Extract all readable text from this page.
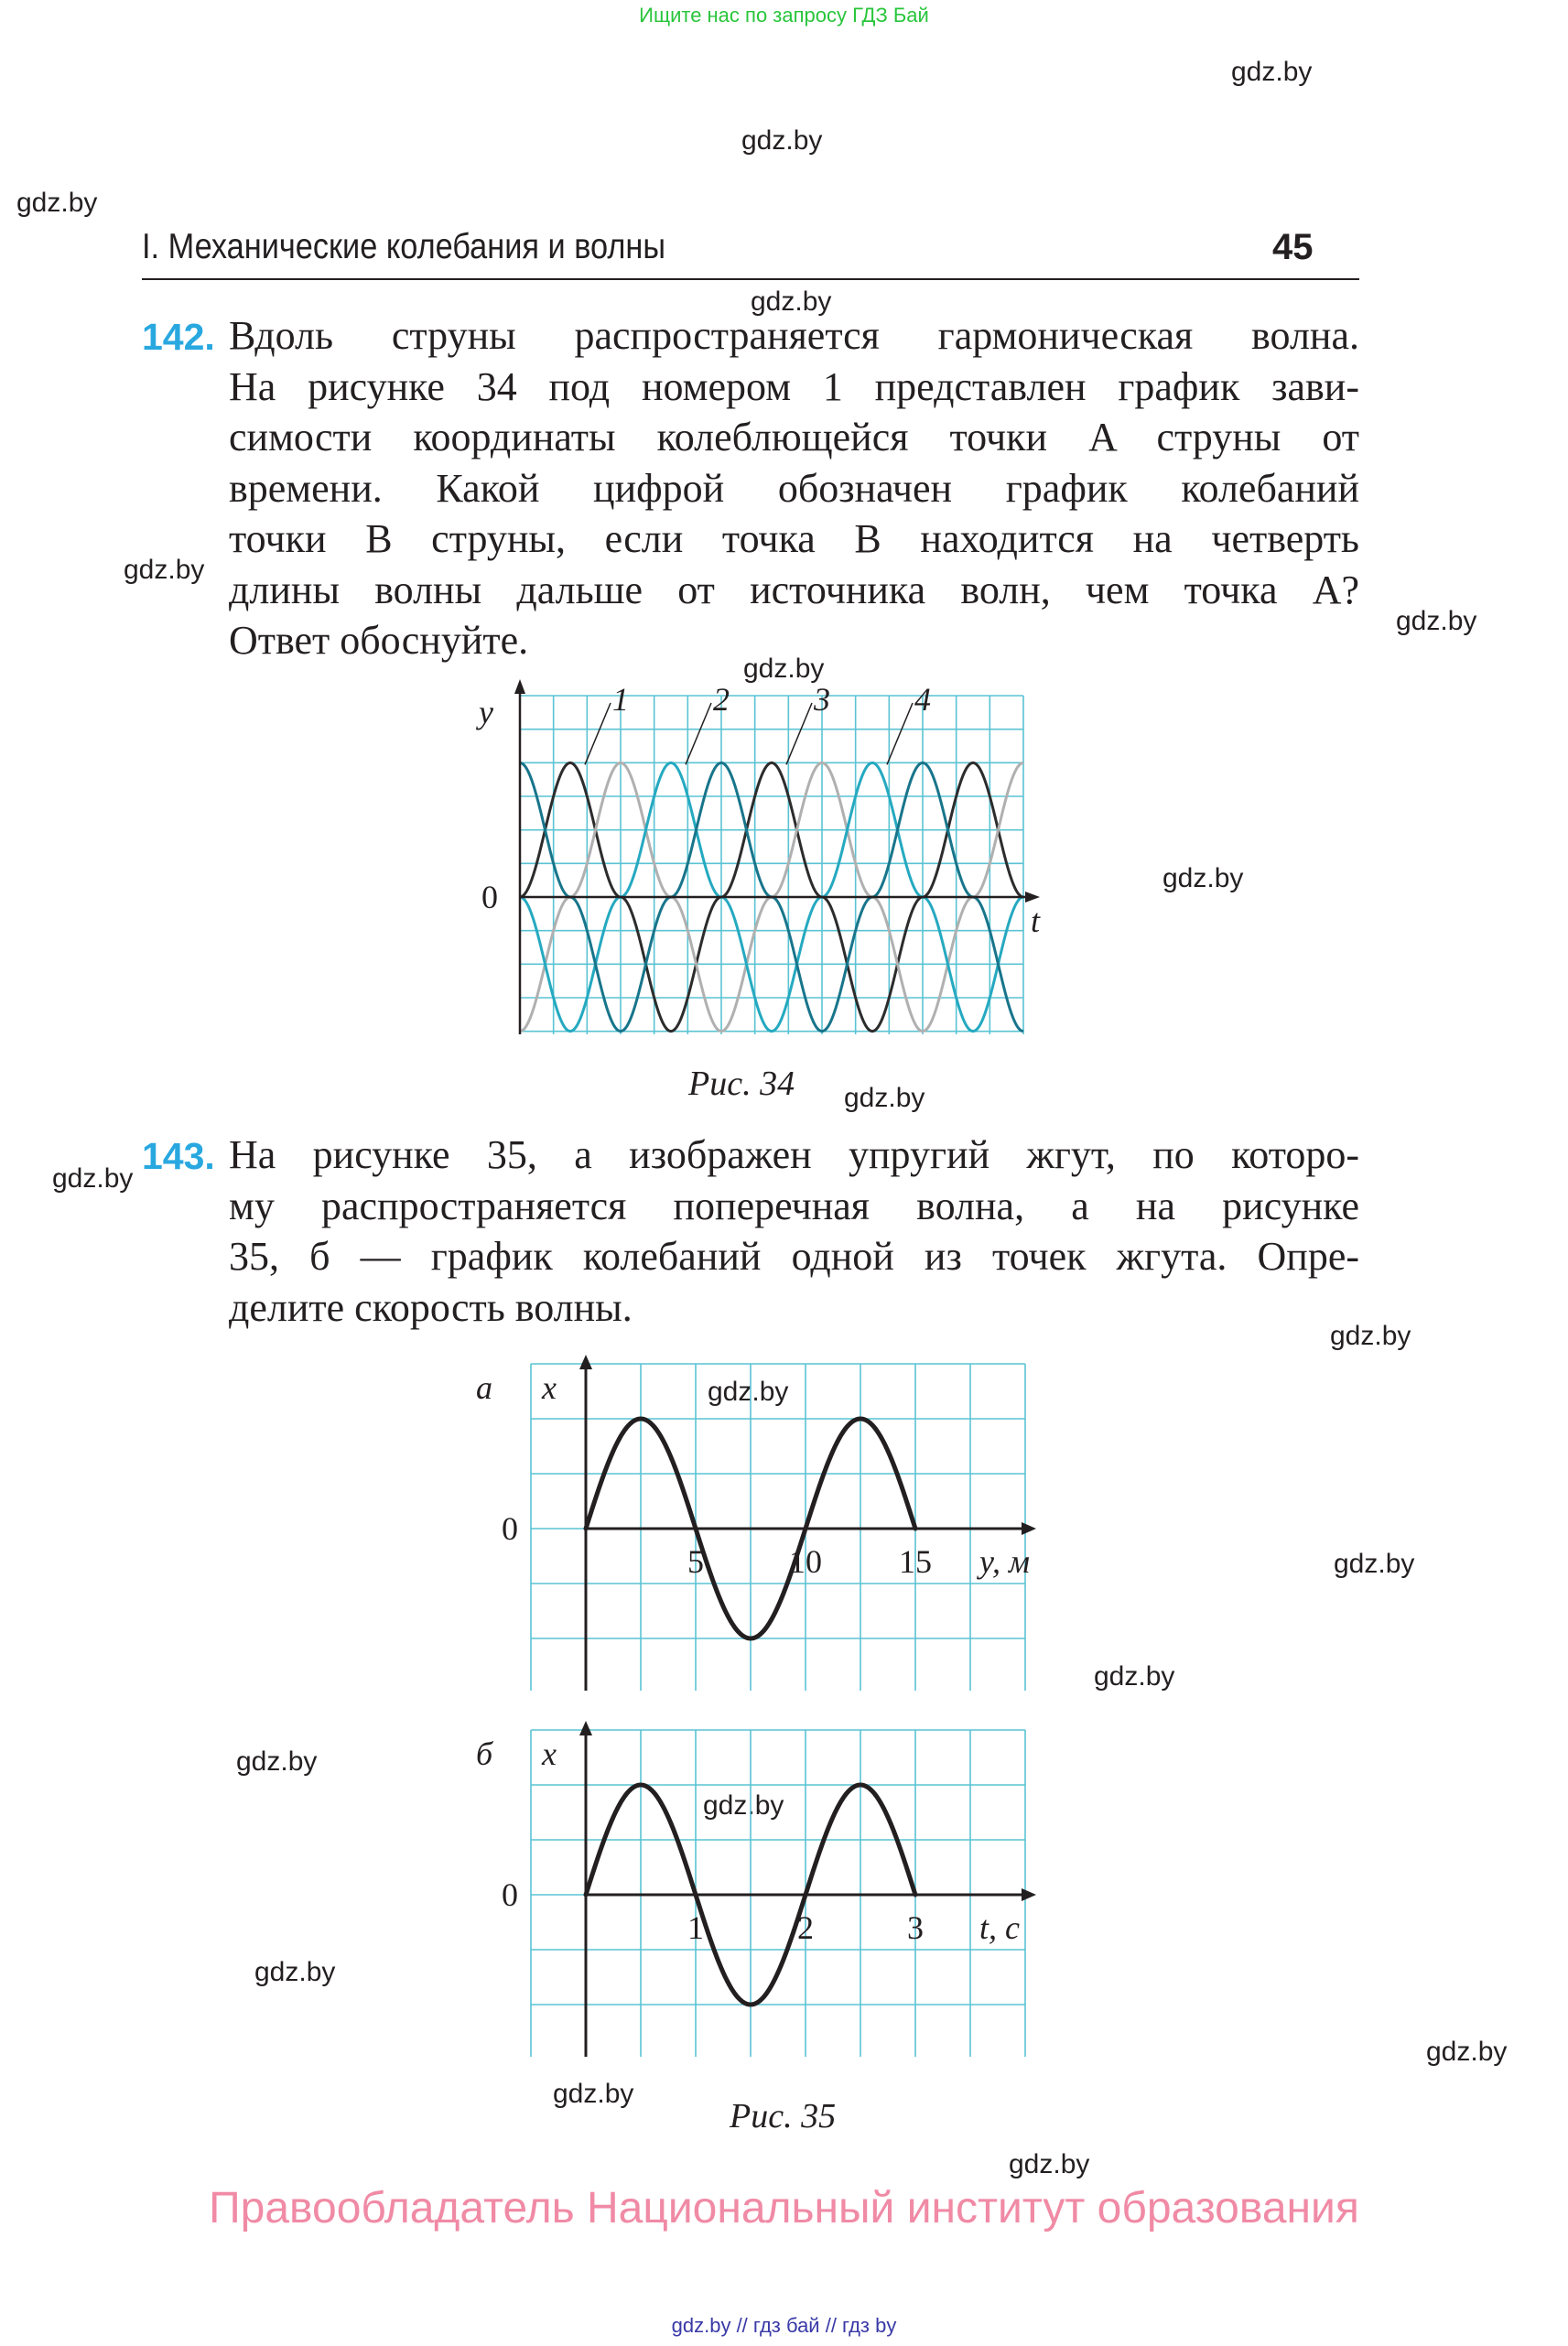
Ищите нас по запросу ГДЗ Бай
gdz.by
gdz.by
gdz.by
gdz.by
gdz.by
gdz.by
gdz.by
gdz.by
gdz.by
gdz.by
gdz.by
gdz.by
gdz.by
gdz.by
gdz.by
gdz.by
gdz.by
gdz.by
gdz.by
gdz.by
I. Механические колебания и волны	45
142. Вдоль струны распространяется гармоническая волна.
На рисунке 34 под номером 1 представлен график зави-
симости координаты колеблющейся точки A струны от
времени. Какой цифрой обозначен график колебаний
точки B струны, если точка B находится на четверть
длины волны дальше от источника волн, чем точка A?
Ответ обоснуйте.
y
t
0
1	2	3	4
Рис. 34
143. На рисунке 35, а изображен упругий жгут, по которо-
му распространяется поперечная волна, а на рисунке
35, б — график колебаний одной из точек жгута. Опре-
делите скорость волны.
а x
0
5	10 15 y, м
б x
0
1	2	3 t, с
Рис. 35
Правообладатель Национальный институт образования
gdz.by // гдз бай // гдз by
